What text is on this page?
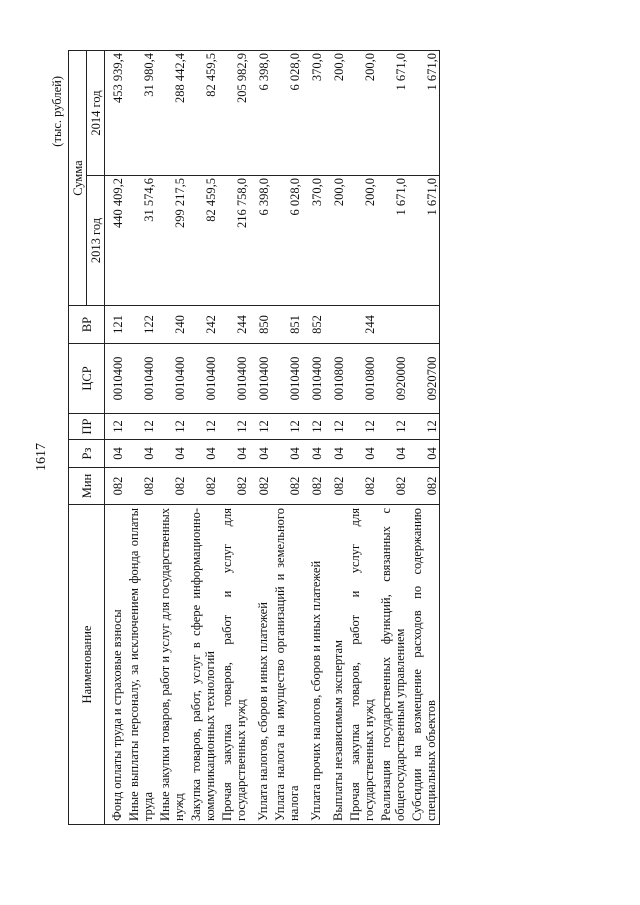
1617
(тыс. рублей)
Наименование	Мин	Рз	ПР	ЦСР	ВР	Сумма	
						2013 год	2014 год
Фонд оплаты труда и страховые взносы	082	04	12	0010400	121	440 409,2	453 939,4
Иные выплаты персоналу, за исключением фонда оплаты труда	082	04	12	0010400	122	31 574,6	31 980,4
Иные закупки товаров, работ и услуг для государственных нужд	082	04	12	0010400	240	299 217,5	288 442,4
Закупка товаров, работ, услуг в сфере информационно-коммуникационных технологий	082	04	12	0010400	242	82 459,5	82 459,5
Прочая закупка товаров, работ и услуг для государственных нужд	082	04	12	0010400	244	216 758,0	205 982,9
Уплата налогов, сборов и иных платежей	082	04	12	0010400	850	6 398,0	6 398,0
Уплата налога на имущество организаций и земельного налога	082	04	12	0010400	851	6 028,0	6 028,0
Уплата прочих налогов, сборов и иных платежей	082	04	12	0010400	852	370,0	370,0
Выплаты независимым экспертам	082	04	12	0010800		200,0	200,0
Прочая закупка товаров, работ и услуг для государственных нужд	082	04	12	0010800	244	200,0	200,0
Реализация государственных функций, связанных с общегосударственным управлением	082	04	12	0920000		1 671,0	1 671,0
Субсидии на возмещение расходов по содержанию специальных объектов	082	04	12	0920700		1 671,0	1 671,0
